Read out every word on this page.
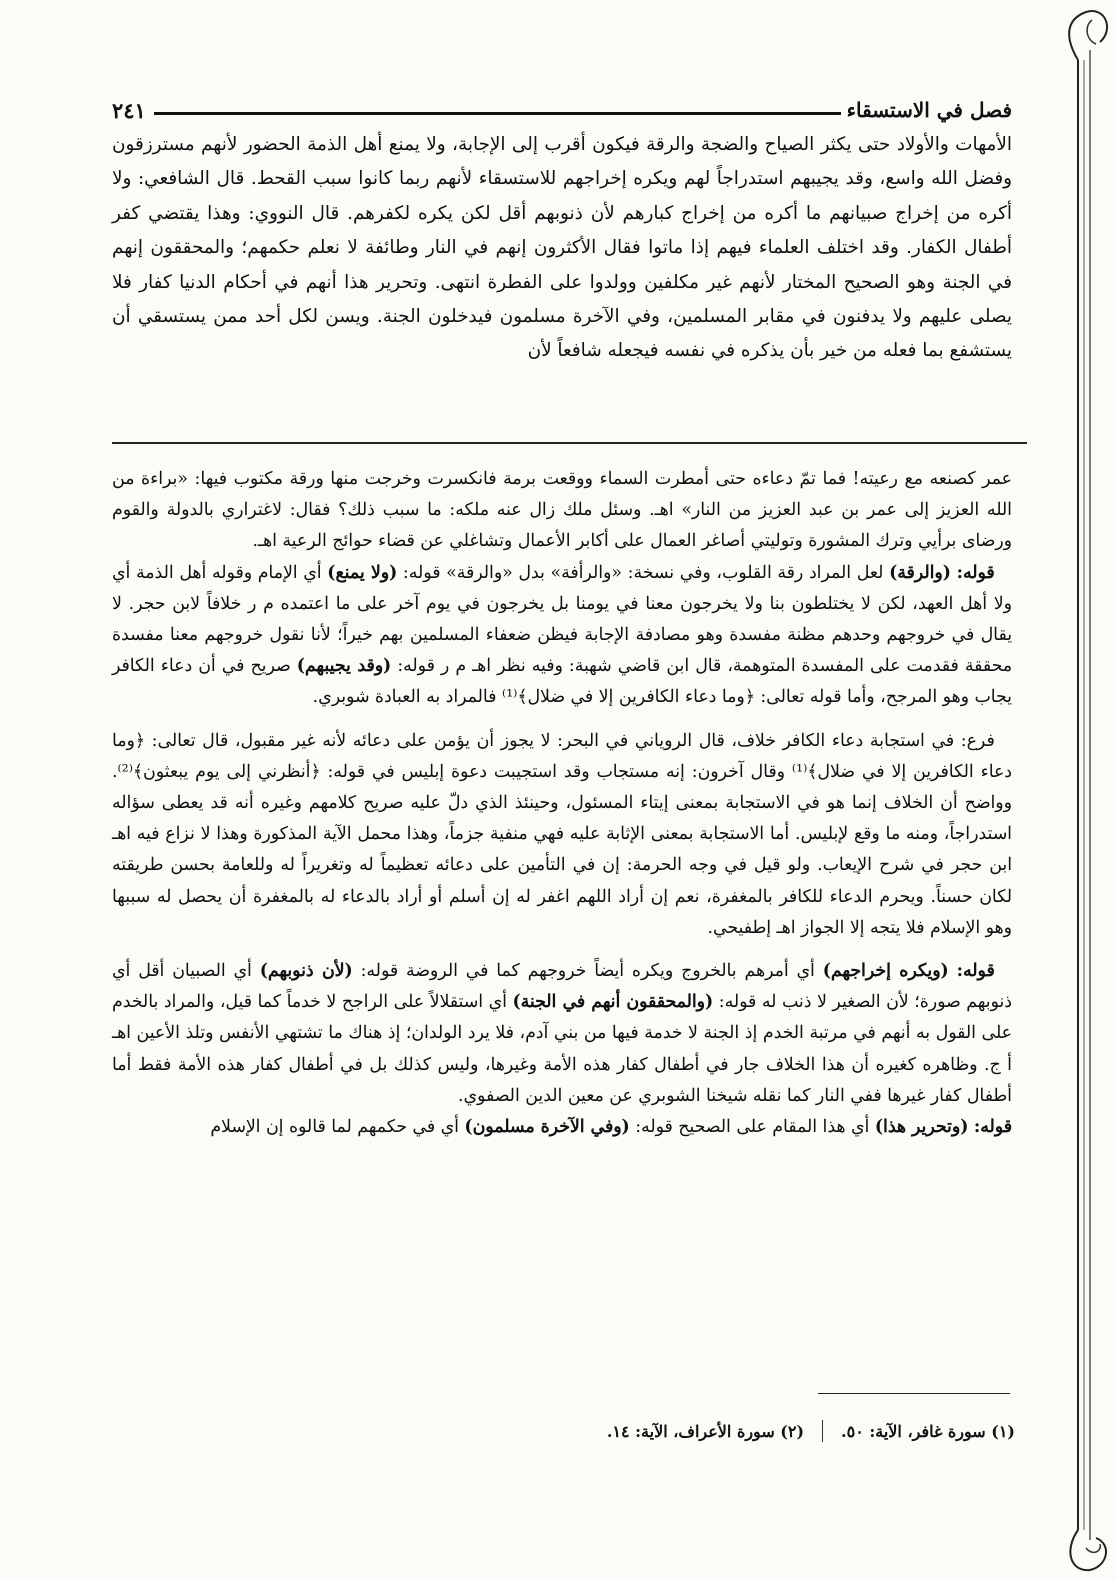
فصل في الاستسقاء
٢٤١

الأمهات والأولاد حتى يكثر الصياح والضجة والرقة فيكون أقرب إلى الإجابة، ولا يمنع أهل الذمة الحضور لأنهم مسترزقون وفضل الله واسع، وقد يجيبهم استدراجاً لهم ويكره إخراجهم للاستسقاء لأنهم ربما كانوا سبب القحط. قال الشافعي: ولا أكره من إخراج صبيانهم ما أكره من إخراج كبارهم لأن ذنوبهم أقل لكن يكره لكفرهم. قال النووي: وهذا يقتضي كفر أطفال الكفار. وقد اختلف العلماء فيهم إذا ماتوا فقال الأكثرون إنهم في النار وطائفة لا نعلم حكمهم؛ والمحققون إنهم في الجنة وهو الصحيح المختار لأنهم غير مكلفين وولدوا على الفطرة انتهى. وتحرير هذا أنهم في أحكام الدنيا كفار فلا يصلى عليهم ولا يدفنون في مقابر المسلمين، وفي الآخرة مسلمون فيدخلون الجنة. ويسن لكل أحد ممن يستسقي أن يستشفع بما فعله من خير بأن يذكره في نفسه فيجعله شافعاً لأن

عمر كصنعه مع رعيته! فما تمّ دعاءه حتى أمطرت السماء ووقعت برمة فانكسرت وخرجت منها ورقة مكتوب فيها: «براءة من الله العزيز إلى عمر بن عبد العزيز من النار» اهـ. وسئل ملك زال عنه ملكه: ما سبب ذلك؟ فقال: لاغتراري بالدولة والقوم ورضاى برأيي وترك المشورة وتوليتي أصاغر العمال على أكابر الأعمال وتشاغلي عن قضاء حوائج الرعية اهـ.

 قوله: (والرقة) لعل المراد رقة القلوب، وفي نسخة: «والرأفة» بدل «والرقة» قوله: (ولا يمنع) أي الإمام وقوله أهل الذمة أي ولا أهل العهد، لكن لا يختلطون بنا ولا يخرجون معنا في يومنا بل يخرجون في يوم آخر على ما اعتمده م ر خلافاً لابن حجر. لا يقال في خروجهم وحدهم مظنة مفسدة وهو مصادفة الإجابة فيظن ضعفاء المسلمين بهم خيراً؛ لأنا نقول خروجهم معنا مفسدة محققة فقدمت على المفسدة المتوهمة، قال ابن قاضي شهبة: وفيه نظر اهـ م ر قوله: (وقد يجيبهم) صريح في أن دعاء الكافر يجاب وهو المرجح، وأما قوله تعالى: ﴿وما دعاء الكافرين إلا في ضلال﴾⁽¹⁾ فالمراد به العبادة شوبري.

 فرع: في استجابة دعاء الكافر خلاف، قال الروياني في البحر: لا يجوز أن يؤمن على دعائه لأنه غير مقبول، قال تعالى: ﴿وما دعاء الكافرين إلا في ضلال﴾⁽¹⁾ وقال آخرون: إنه مستجاب وقد استجيبت دعوة إبليس في قوله: ﴿أنظرني إلى يوم يبعثون﴾⁽²⁾. وواضح أن الخلاف إنما هو في الاستجابة بمعنى إيتاء المسئول، وحينئذ الذي دلّ عليه صريح كلامهم وغيره أنه قد يعطى سؤاله استدراجاً، ومنه ما وقع لإبليس. أما الاستجابة بمعنى الإثابة عليه فهي منفية جزماً، وهذا محمل الآية المذكورة وهذا لا نزاع فيه اهـ ابن حجر في شرح الإيعاب. ولو قيل في وجه الحرمة: إن في التأمين على دعائه تعظيماً له وتغريراً له وللعامة بحسن طريقته لكان حسناً. ويحرم الدعاء للكافر بالمغفرة، نعم إن أراد اللهم اغفر له إن أسلم أو أراد بالدعاء له بالمغفرة أن يحصل له سببها وهو الإسلام فلا يتجه إلا الجواز اهـ إطفيحي.

 قوله: (ويكره إخراجهم) أي أمرهم بالخروج ويكره أيضاً خروجهم كما في الروضة قوله: (لأن ذنوبهم) أي الصبيان أقل أي ذنوبهم صورة؛ لأن الصغير لا ذنب له قوله: (والمحققون أنهم في الجنة) أي استقلالاً على الراجح لا خدماً كما قيل، والمراد بالخدم على القول به أنهم في مرتبة الخدم إذ الجنة لا خدمة فيها من بني آدم، فلا يرد الولدان؛ إذ هناك ما تشتهي الأنفس وتلذ الأعين اهـ أ ج. وظاهره كغيره أن هذا الخلاف جار في أطفال كفار هذه الأمة وغيرها، وليس كذلك بل في أطفال كفار هذه الأمة فقط أما أطفال كفار غيرها ففي النار كما نقله شيخنا الشوبري عن معين الدين الصفوي.

قوله: (وتحرير هذا) أي هذا المقام على الصحيح قوله: (وفي الآخرة مسلمون) أي في حكمهم لما قالوه إن الإسلام

(١) سورة غافر، الآية: ٥٠.
(٢) سورة الأعراف، الآية: ١٤.
